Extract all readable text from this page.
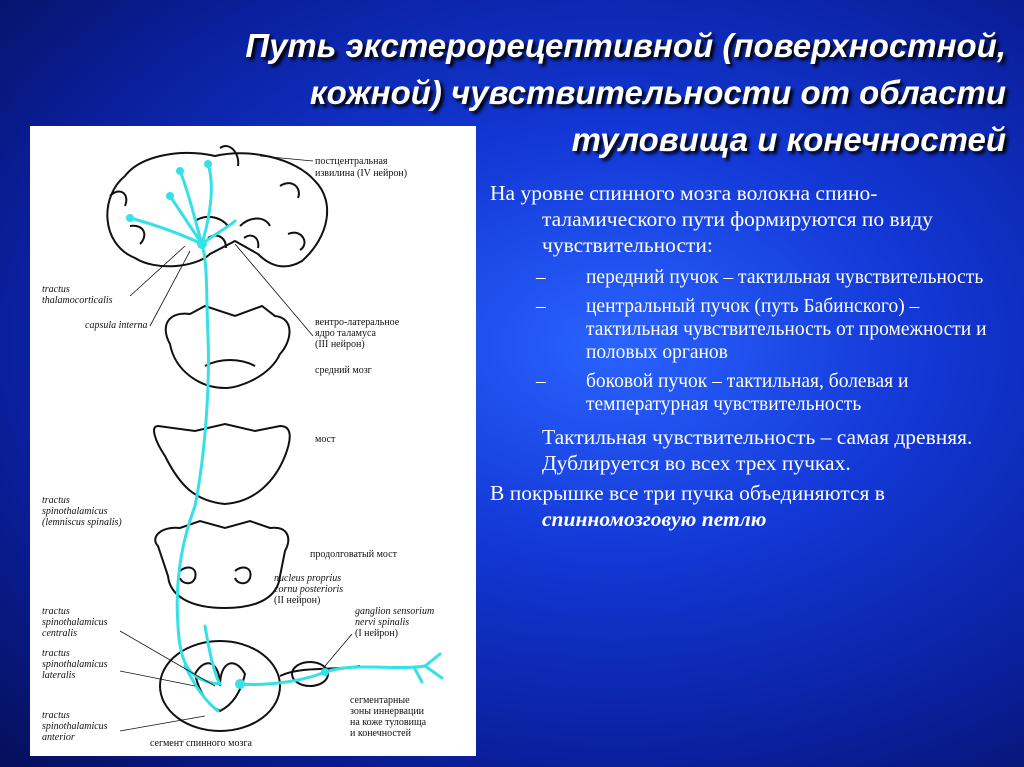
Путь экстерорецептивной (поверхностной,
кожной) чувствительности от области
туловища и конечностей
постцентральная
извилина (IV нейрон)
tractus
thalamocorticalis
capsula interna	вентро-латеральное
ядро таламуса
(III нейрон)
средний мозг
мост
tractus
spinothalamicus
(lemniscus spinalis)
продолговатый мост
nucleus proprius
cornu posterioris
(II нейрон)
tractus
spinothalamicus
centralis
ganglion sensorium
nervi spinalis
(I нейрон)
tractus
spinothalamicus
lateralis
tractus
spinothalamicus
anterior
сегмент спинного мозга
сегментарные
зоны иннервации
на коже туловища
и конечностей
На уровне спинного мозга волокна спино-таламического пути формируются по виду чувствительности:
– передний пучок – тактильная чувствительность
– центральный пучок (путь Бабинского) – тактильная чувствительность от промежности и половых органов
– боковой пучок – тактильная, болевая и температурная чувствительность
Тактильная чувствительность – самая древняя. Дублируется во всех трех пучках.
В покрышке все три пучка объединяются в спинномозговую петлю
